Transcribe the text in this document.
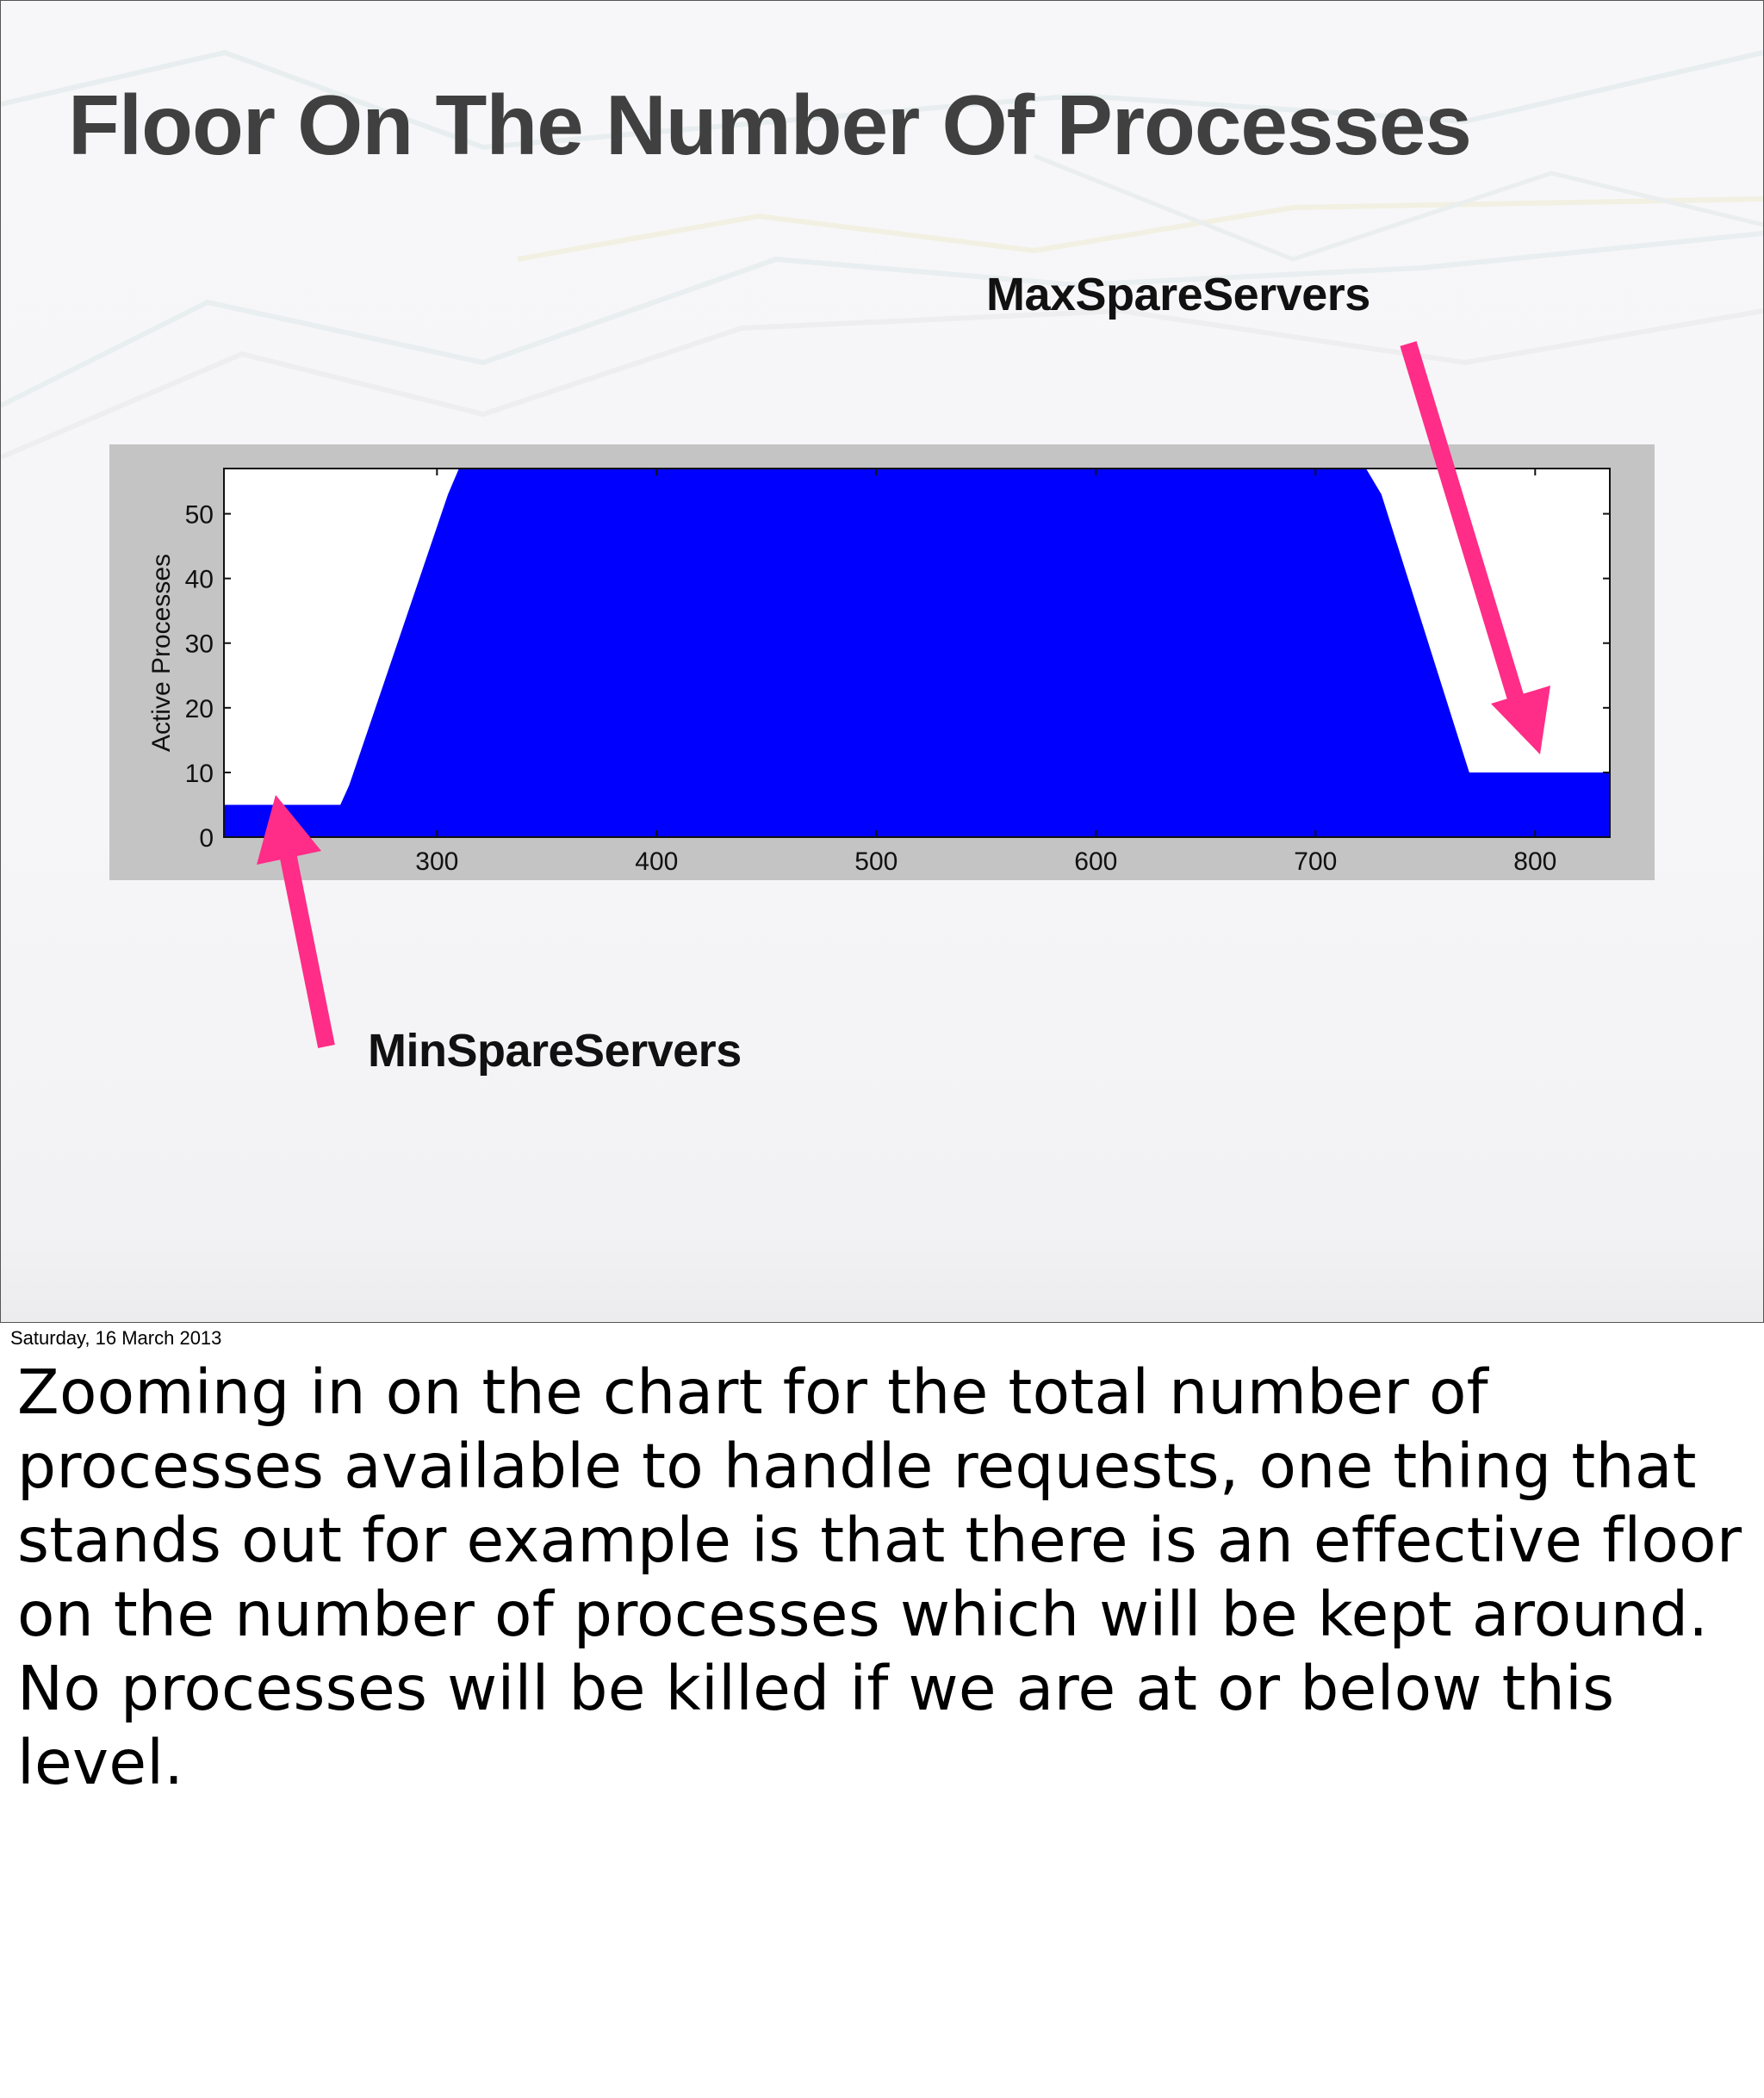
Floor On The Number Of Processes
MaxSpareServers
300	400	500	600	700	800
0
10
20
30
40
50
Active Processes
MinSpareServers
Saturday, 16 March 2013

Zooming in on the chart for the total number of processes available to handle requests, one thing that stands out for example is that there is an effective floor on the number of processes which will be kept around. No processes will be killed if we are at or below this level.
